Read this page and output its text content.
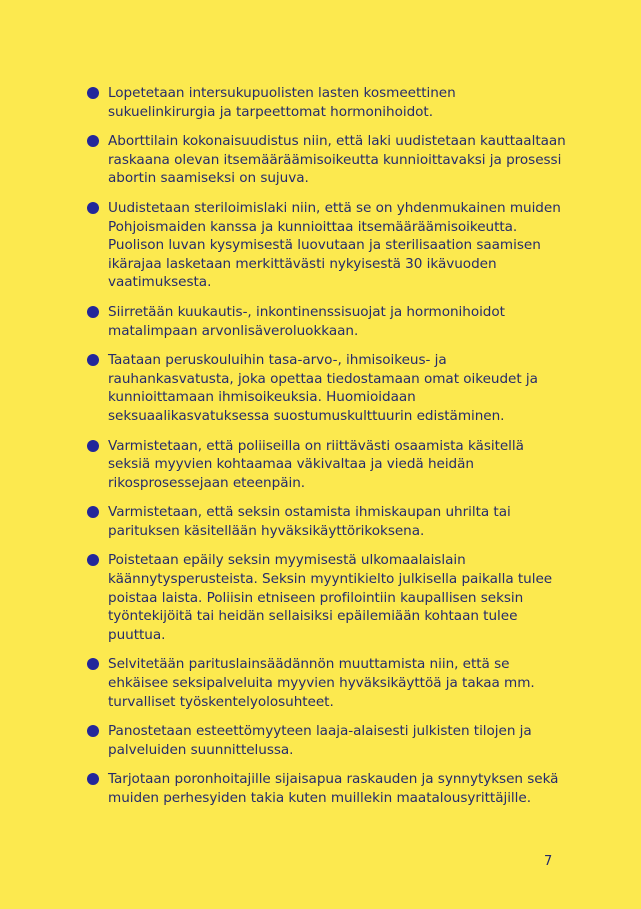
Lopetetaan intersukupuolisten lasten kosmeettinen sukuelinkirurgia ja tarpeettomat hormonihoidot.
Aborttilain kokonaisuudistus niin, että laki uudistetaan kauttaaltaan raskaana olevan itsemääräämisoikeutta kunnioittavaksi ja prosessi abortin saamiseksi on sujuva.
Uudistetaan steriloimislaki niin, että se on yhdenmukainen muiden Pohjoismaiden kanssa ja kunnioittaa itsemääräämisoikeutta. Puolison luvan kysymisestä luovutaan ja sterilisaation saamisen ikärajaa lasketaan merkittävästi nykyisestä 30 ikävuoden vaatimuksesta.
Siirretään kuukautis-, inkontinenssisuojat ja hormonihoidot matalimpaan arvonlisäveroluokkaan.
Taataan peruskouluihin tasa-arvo-, ihmisoikeus- ja rauhankasvatusta, joka opettaa tiedostamaan omat oikeudet ja kunnioittamaan ihmisoikeuksia. Huomioidaan seksuaalikasvatuksessa suostumuskulttuurin edistäminen.
Varmistetaan, että poliiseilla on riittävästi osaamista käsitellä seksiä myyvien kohtaamaa väkivaltaa ja viedä heidän rikosprosessejaan eteenpäin.
Varmistetaan, että seksin ostamista ihmiskaupan uhrilta tai parituksen käsitellään hyväksikäyttörikoksena.
Poistetaan epäily seksin myymisestä ulkomaalaislain käännytysperusteista. Seksin myyntikielto julkisella paikalla tulee poistaa laista. Poliisin etniseen profilointiin kaupallisen seksin työntekijöitä tai heidän sellaisiksi epäilemiään kohtaan tulee puuttua.
Selvitetään parituslainsäädännön muuttamista niin, että se ehkäisee seksipalveluita myyvien hyväksikäyttöä ja takaa mm. turvalliset työskentelyolosuhteet.
Panostetaan esteettömyyteen laaja-alaisesti julkisten tilojen ja palveluiden suunnittelussa.
Tarjotaan poronhoitajille sijaisapua raskauden ja synnytyksen sekä muiden perhesyiden takia kuten muillekin maatalousyrittäjille.
7
